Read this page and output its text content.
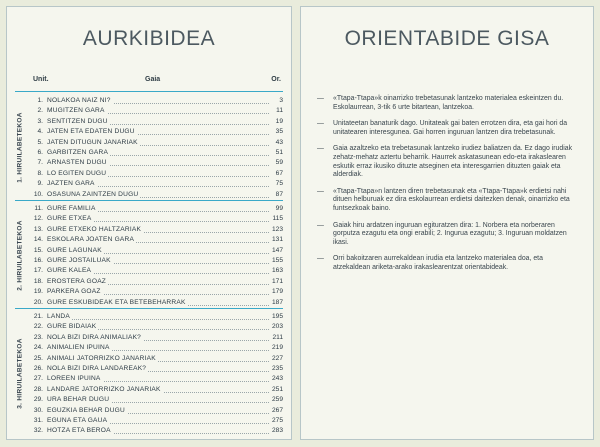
AURKIBIDEA
Unit.	Gaia	Or.
1. HIRUILABETEKOA
1. NOLAKOA NAIZ NI?	3
2. MUGITZEN GARA	11
3. SENTITZEN DUGU	19
4. JATEN ETA EDATEN DUGU	35
5. JATEN DITUGUN JANARIAK	43
6. GARBITZEN GARA	51
7. ARNASTEN DUGU	59
8. LO EGITEN DUGU	67
9. JAZTEN GARA	75
10. OSASUNA ZAINTZEN DUGU	87
2. HIRUILABETEKOA
11. GURE FAMILIA	99
12. GURE ETXEA	115
13. GURE ETXEKO HALTZARIAK	123
14. ESKOLARA JOATEN GARA	131
15. GURE LAGUNAK	147
16. GURE JOSTAILUAK	155
17. GURE KALEA	163
18. EROSTERA GOAZ	171
19. PARKERA GOAZ	179
20. GURE ESKUBIDEAK ETA BETEBEHARRAK	187
3. HIRUILABETEKOA
21. LANDA	195
22. GURE BIDAIAK	203
23. NOLA BIZI DIRA ANIMALIAK?	211
24. ANIMALIEN IPUINA	219
25. ANIMALI JATORRIZKO JANARIAK	227
26. NOLA BIZI DIRA LANDAREAK?	235
27. LOREEN IPUINA	243
28. LANDARE JATORRIZKO JANARIAK	251
29. URA BEHAR DUGU	259
30. EGUZKIA BEHAR DUGU	267
31. EGUNA ETA GAUA	275
32. HOTZA ETA BEROA	283
ORIENTABIDE GISA

— «Ttapa-Ttapa»k oinarrizko trebetasunak lantzeko materialea eskeintzen du. Eskolaurrean, 3-tik 6 urte bitartean, lantzekoa.

— Unitateetan banaturik dago. Unitateak gai baten errotzen dira, eta gai hori da unitatearen interesgunea. Gai horren inguruan lantzen dira trebetasunak.

— Gaia azaltzeko eta trebetasunak lantzeko irudiez baliatzen da. Ez dago irudiak zehatz-mehatz aztertu beharrik. Haurrek askatasunean edo-eta irakaslearen eskutik erraz ikusiko dituzte atseginen eta interesgarrien dituzten gaiak eta alderdiak.

— «Ttapa-Ttapa»n lantzen diren trebetasunak eta «Ttapa-Ttapa»k erdietsi nahi dituen helburuak ez dira eskolaurrean erdietsi daitezken denak, oinarrizko eta funtsezkoak baino.

— Gaiak hiru ardatzen inguruan egituratzen dira: 1. Norbera eta norberaren gorputza ezagutu eta ongi erabili; 2. Ingurua ezagutu; 3. Inguruan moldatzen ikasi.

— Orri bakoitzaren aurrekaldean irudia eta lantzeko materialea doa, eta atzekaldean ariketa-arako irakaslearentzat orientabideak.
